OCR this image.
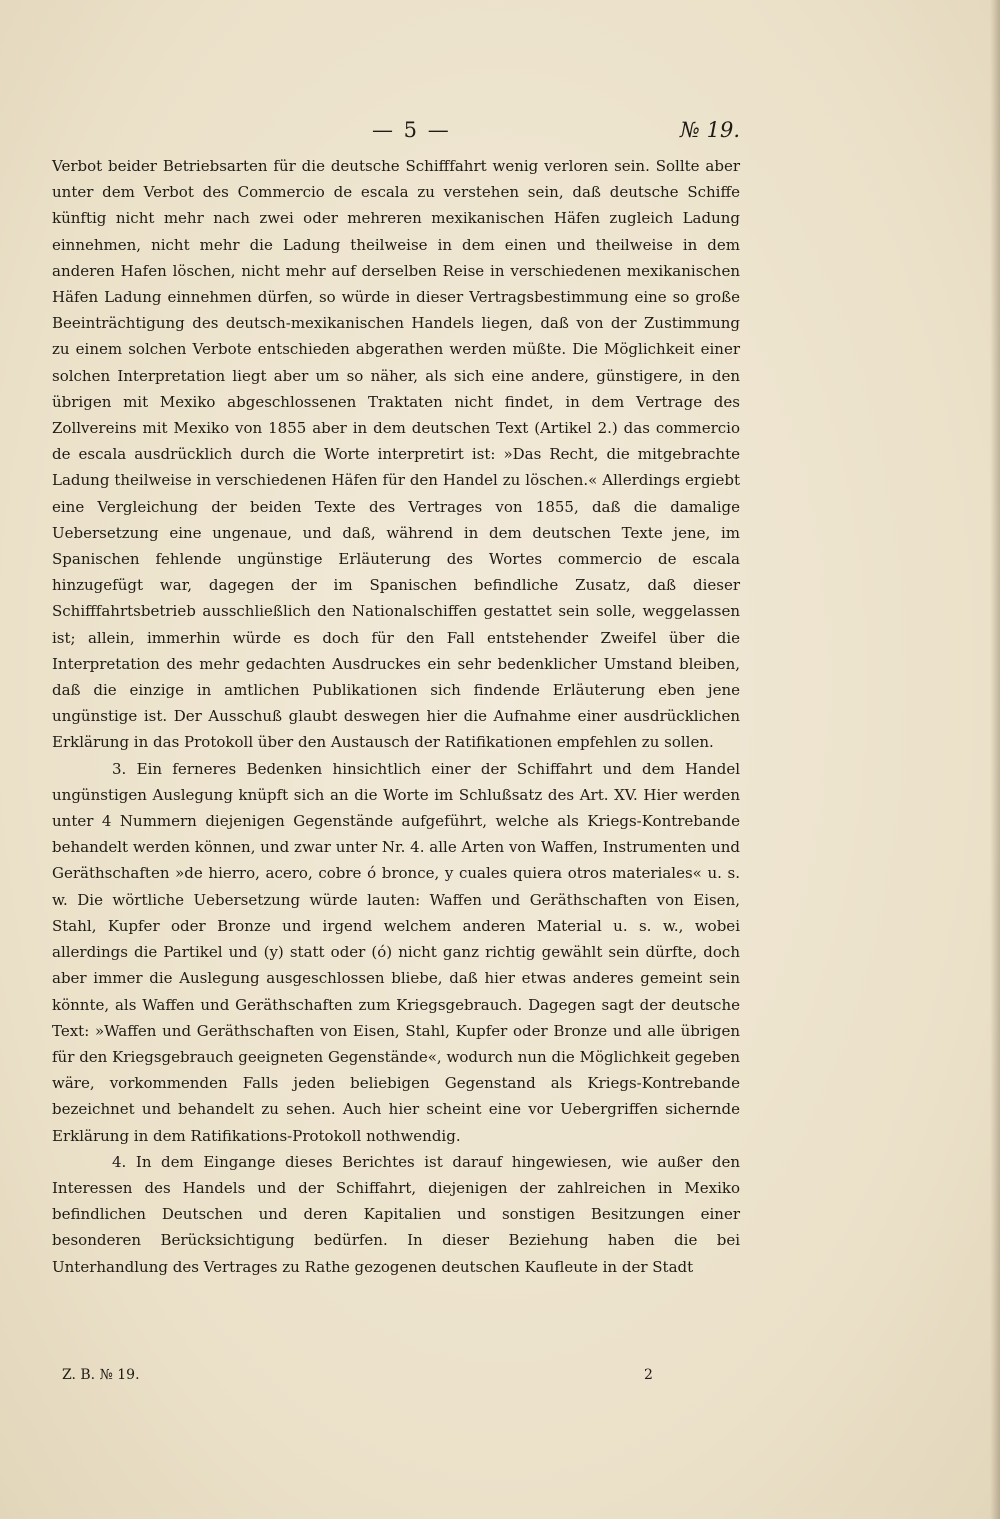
— 5 —	№ 19.

Verbot beider Betriebsarten für die deutsche Schifffahrt wenig verloren sein. Sollte aber unter dem Verbot des Commercio de escala zu verstehen sein, daß deutsche Schiffe künftig nicht mehr nach zwei oder mehreren mexikanischen Häfen zugleich Ladung einnehmen, nicht mehr die Ladung theilweise in dem einen und theilweise in dem anderen Hafen löschen, nicht mehr auf derselben Reise in verschiedenen mexikanischen Häfen Ladung einnehmen dürfen, so würde in dieser Vertragsbestimmung eine so große Beeinträchtigung des deutsch-mexikanischen Handels liegen, daß von der Zustimmung zu einem solchen Verbote entschieden abgerathen werden müßte. Die Möglichkeit einer solchen Interpretation liegt aber um so näher, als sich eine andere, günstigere, in den übrigen mit Mexiko abgeschlossenen Traktaten nicht findet, in dem Vertrage des Zollvereins mit Mexiko von 1855 aber in dem deutschen Text (Artikel 2.) das commercio de escala ausdrücklich durch die Worte interpretirt ist: »Das Recht, die mitgebrachte Ladung theilweise in verschiedenen Häfen für den Handel zu löschen.« Allerdings ergiebt eine Vergleichung der beiden Texte des Vertrages von 1855, daß die damalige Uebersetzung eine ungenaue, und daß, während in dem deutschen Texte jene, im Spanischen fehlende ungünstige Erläuterung des Wortes commercio de escala hinzugefügt war, dagegen der im Spanischen befindliche Zusatz, daß dieser Schifffahrtsbetrieb ausschließlich den Nationalschiffen gestattet sein solle, weggelassen ist; allein, immerhin würde es doch für den Fall entstehender Zweifel über die Interpretation des mehr gedachten Ausdruckes ein sehr bedenklicher Umstand bleiben, daß die einzige in amtlichen Publikationen sich findende Erläuterung eben jene ungünstige ist. Der Ausschuß glaubt deswegen hier die Aufnahme einer ausdrücklichen Erklärung in das Protokoll über den Austausch der Ratifikationen empfehlen zu sollen.

3. Ein ferneres Bedenken hinsichtlich einer der Schiffahrt und dem Handel ungünstigen Auslegung knüpft sich an die Worte im Schlußsatz des Art. XV. Hier werden unter 4 Nummern diejenigen Gegenstände aufgeführt, welche als Kriegs-Kontrebande behandelt werden können, und zwar unter Nr. 4. alle Arten von Waffen, Instrumenten und Geräthschaften »de hierro, acero, cobre ó bronce, y cuales quiera otros materiales« u. s. w. Die wörtliche Uebersetzung würde lauten: Waffen und Geräthschaften von Eisen, Stahl, Kupfer oder Bronze und irgend welchem anderen Material u. s. w., wobei allerdings die Partikel und (y) statt oder (ó) nicht ganz richtig gewählt sein dürfte, doch aber immer die Auslegung ausgeschlossen bliebe, daß hier etwas anderes gemeint sein könnte, als Waffen und Geräthschaften zum Kriegsgebrauch. Dagegen sagt der deutsche Text: »Waffen und Geräthschaften von Eisen, Stahl, Kupfer oder Bronze und alle übrigen für den Kriegsgebrauch geeigneten Gegenstände«, wodurch nun die Möglichkeit gegeben wäre, vorkommenden Falls jeden beliebigen Gegenstand als Kriegs-Kontrebande bezeichnet und behandelt zu sehen. Auch hier scheint eine vor Uebergriffen sichernde Erklärung in dem Ratifikations-Protokoll nothwendig.

4. In dem Eingange dieses Berichtes ist darauf hingewiesen, wie außer den Interessen des Handels und der Schiffahrt, diejenigen der zahlreichen in Mexiko befindlichen Deutschen und deren Kapitalien und sonstigen Besitzungen einer besonderen Berücksichtigung bedürfen. In dieser Beziehung haben die bei Unterhandlung des Vertrages zu Rathe gezogenen deutschen Kaufleute in der Stadt

Z. B. № 19.	2
